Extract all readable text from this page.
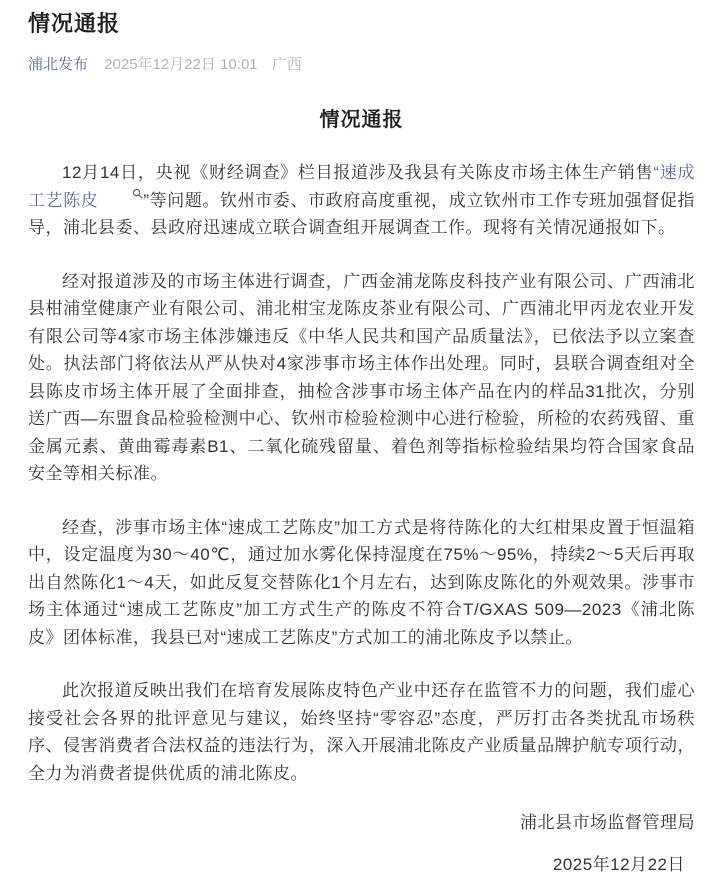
情况通报
浦北发布 2025年12月22日 10:01 广西
情况通报

12月14日，央视《财经调查》栏目报道涉及我县有关陈皮市场主体生产销售“速成工艺陈皮	”等问题。钦州市委、市政府高度重视，成立钦州市工作专班加强督促指导，浦北县委、县政府迅速成立联合调查组开展调查工作。现将有关情况通报如下。

经对报道涉及的市场主体进行调查，广西金浦龙陈皮科技产业有限公司、广西浦北县柑浦堂健康产业有限公司、浦北柑宝龙陈皮茶业有限公司、广西浦北甲丙龙农业开发有限公司等4家市场主体涉嫌违反《中华人民共和国产品质量法》，已依法予以立案查处。执法部门将依法从严从快对4家涉事市场主体作出处理。同时，县联合调查组对全县陈皮市场主体开展了全面排查，抽检含涉事市场主体产品在内的样品31批次，分别送广西—东盟食品检验检测中心、钦州市检验检测中心进行检验，所检的农药残留、重金属元素、黄曲霉毒素B1、二氧化硫残留量、着色剂等指标检验结果均符合国家食品安全等相关标准。

经查，涉事市场主体“速成工艺陈皮”加工方式是将待陈化的大红柑果皮置于恒温箱中，设定温度为30～40℃，通过加水雾化保持湿度在75%～95%，持续2～5天后再取出自然陈化1～4天，如此反复交替陈化1个月左右，达到陈皮陈化的外观效果。涉事市场主体通过“速成工艺陈皮”加工方式生产的陈皮不符合T/GXAS 509—2023《浦北陈皮》团体标准，我县已对“速成工艺陈皮”方式加工的浦北陈皮予以禁止。

此次报道反映出我们在培育发展陈皮特色产业中还存在监管不力的问题，我们虚心接受社会各界的批评意见与建议，始终坚持“零容忍”态度，严厉打击各类扰乱市场秩序、侵害消费者合法权益的违法行为，深入开展浦北陈皮产业质量品牌护航专项行动，全力为消费者提供优质的浦北陈皮。

浦北县市场监督管理局
2025年12月22日
